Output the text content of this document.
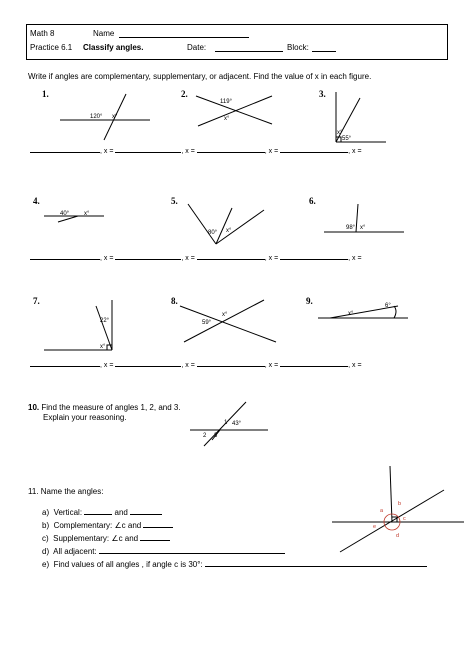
Math 8	Name
Practice 6.1 Classify angles.	Date:	Block:
Write if angles are complementary, supplementary, or adjacent. Find the value of x in each figure.
1.	2.	3.
4.	5.	6.
7.	8.	9.
, x =	, x =	, x =	, x =
, x =	, x =	, x =	, x =
, x =	, x =	, x =	, x =
120° x°
119°
x°
x°
55°
40° x°
80° x°	98° x°
22°
x°
x°
59°
x°
6°
1 43°
2 3
a
b
c
d
e
10. Find the measure of angles 1, 2, and 3.
Explain your reasoning.
11. Name the angles:
a) Vertical:	and
b) Complementary: ∠c and
c) Supplementary: ∠c and
d) All adjacent:
e) Find values of all angles , if angle c is 30°:
